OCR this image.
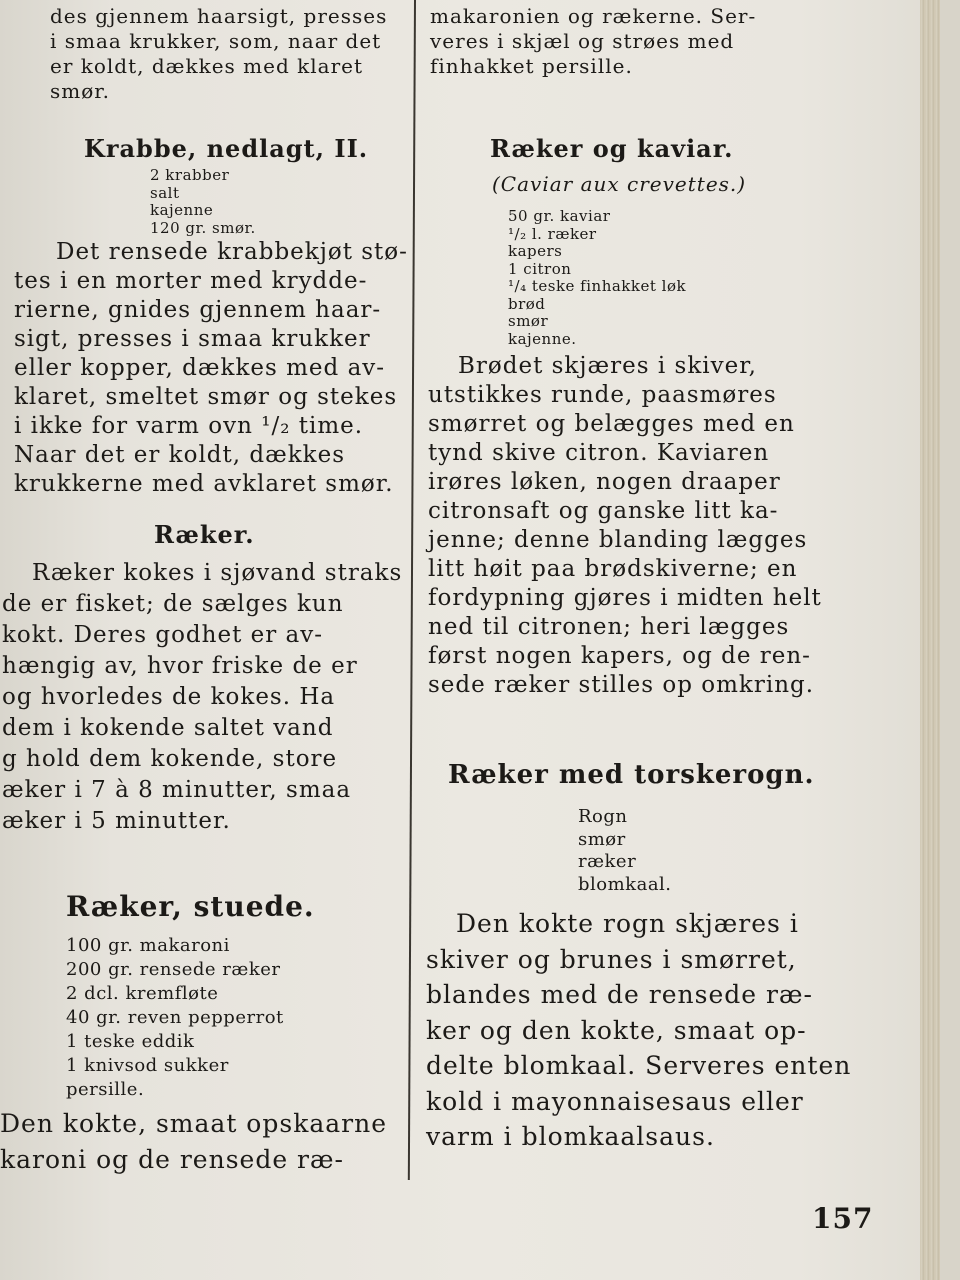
des gjennem haarsigt, presses
i smaa krukker, som, naar det
er koldt, dækkes med klaret
smør.
Krabbe, nedlagt, II.
2 krabber
salt
kajenne
120 gr. smør.
Det rensede krabbekjøt stø-
tes i en morter med krydde-
rierne, gnides gjennem haar-
sigt, presses i smaa krukker
eller kopper, dækkes med av-
klaret, smeltet smør og stekes
i ikke for varm ovn ¹/₂ time.
Naar det er koldt, dækkes
krukkerne med avklaret smør.
Ræker.
Ræker kokes i sjøvand straks
de er fisket; de sælges kun
kokt. Deres godhet er av-
hængig av, hvor friske de er
og hvorledes de kokes. Ha
dem i kokende saltet vand
g hold dem kokende, store
æker i 7 à 8 minutter, smaa
æker i 5 minutter.
Ræker, stuede.
100 gr. makaroni
200 gr. rensede ræker
2 dcl. kremfløte
40 gr. reven pepperrot
1 teske eddik
1 knivsod sukker
persille.
Den kokte, smaat opskaarne
karoni og de rensede ræ-
makaronien og rækerne. Ser-
veres i skjæl og strøes med
finhakket persille.
Ræker og kaviar.
(Caviar aux crevettes.)
50 gr. kaviar
¹/₂ l. ræker
kapers
1 citron
¹/₄ teske finhakket løk
brød
smør
kajenne.
Brødet skjæres i skiver,
utstikkes runde, paasmøres
smørret og belægges med en
tynd skive citron. Kaviaren
irøres løken, nogen draaper
citronsaft og ganske litt ka-
jenne; denne blanding lægges
litt høit paa brødskiverne; en
fordypning gjøres i midten helt
ned til citronen; heri lægges
først nogen kapers, og de ren-
sede ræker stilles op omkring.
Ræker med torskerogn.
Rogn
smør
ræker
blomkaal.
Den kokte rogn skjæres i
skiver og brunes i smørret,
blandes med de rensede ræ-
ker og den kokte, smaat op-
delte blomkaal. Serveres enten
kold i mayonnaisesaus eller
varm i blomkaalsaus.
157
